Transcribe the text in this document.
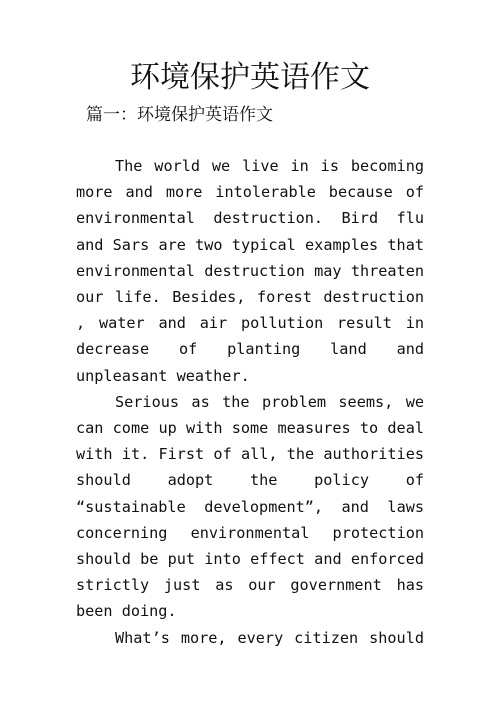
环境保护英语作文
篇一：环境保护英语作文

The world we live in is becoming more and more intolerable because of environmental destruction. Bird flu and Sars are two typical examples that environmental destruction may threaten our life. Besides, forest destruction , water and air pollution result in decrease of planting land and unpleasant weather.

Serious as the problem seems, we can come up with some measures to deal with it. First of all, the authorities should adopt the policy of “sustainable development”, and laws concerning environmental protection should be put into effect and enforced strictly just as our government has been doing.

What’s more, every citizen should
